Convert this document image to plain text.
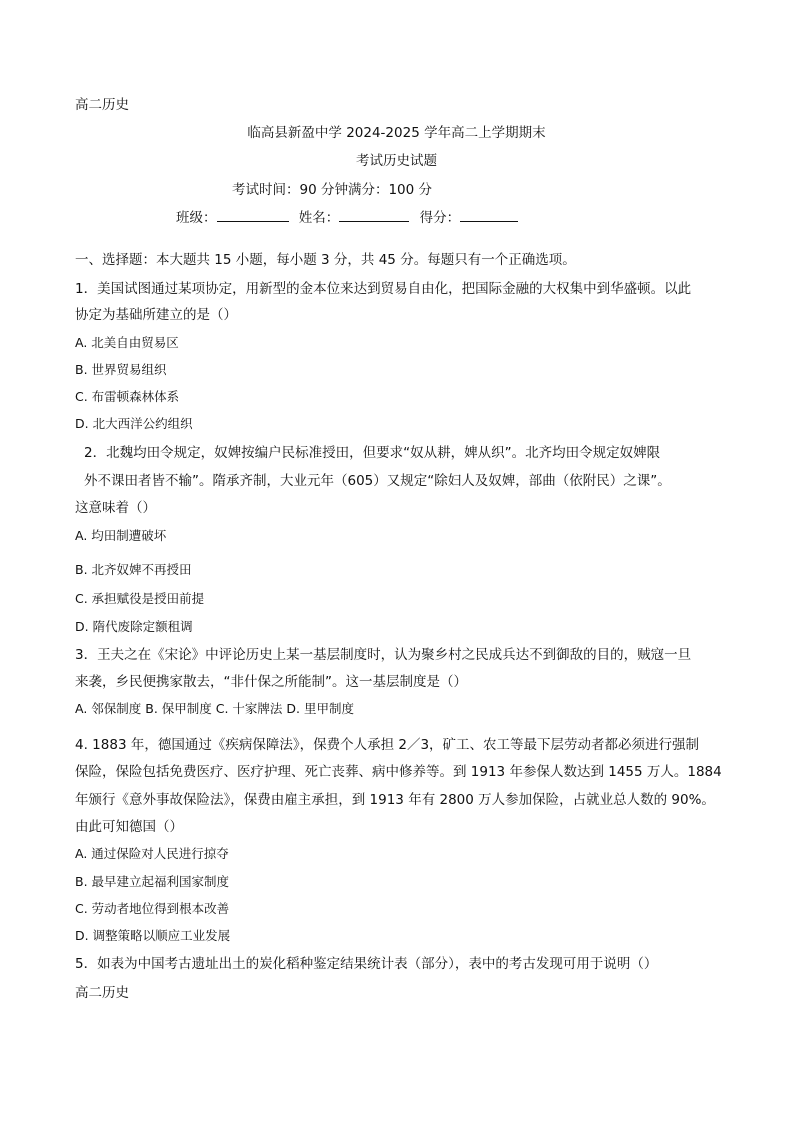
高二历史
临高县新盈中学 2024-2025 学年高二上学期期末
考试历史试题
考试时间：90 分钟满分：100 分
班级：	姓名：	得分：
一、选择题：本大题共 15 小题，每小题 3 分，共 45 分。每题只有一个正确选项。
1．美国试图通过某项协定，用新型的金本位来达到贸易自由化，把国际金融的大权集中到华盛顿。以此
协定为基础所建立的是（）
A. 北美自由贸易区
B. 世界贸易组织
C. 布雷顿森林体系
D. 北大西洋公约组织
2．北魏均田令规定，奴婢按编户民标准授田，但要求“奴从耕，婢从织”。北齐均田令规定奴婢限
外不课田者皆不输”。隋承齐制，大业元年（605）又规定“除妇人及奴婢，部曲（依附民）之课”。
这意味着（）
A. 均田制遭破坏
B. 北齐奴婢不再授田
C. 承担赋役是授田前提
D. 隋代废除定额租调
3．王夫之在《宋论》中评论历史上某一基层制度时，认为聚乡村之民成兵达不到御敌的目的，贼寇一旦
来袭，乡民便携家散去，“非什保之所能制”。这一基层制度是（）
A. 邻保制度 B. 保甲制度 C. 十家牌法 D. 里甲制度
4. 1883 年，德国通过《疾病保障法》，保费个人承担 2／3，矿工、农工等最下层劳动者都必须进行强制
保险，保险包括免费医疗、医疗护理、死亡丧葬、病中修养等。到 1913 年参保人数达到 1455 万人。1884
年颁行《意外事故保险法》，保费由雇主承担，到 1913 年有 2800 万人参加保险，占就业总人数的 90%。
由此可知德国（）
A. 通过保险对人民进行掠夺
B. 最早建立起福利国家制度
C. 劳动者地位得到根本改善
D. 调整策略以顺应工业发展
5．如表为中国考古遗址出土的炭化稻种鉴定结果统计表（部分），表中的考古发现可用于说明（）
高二历史
